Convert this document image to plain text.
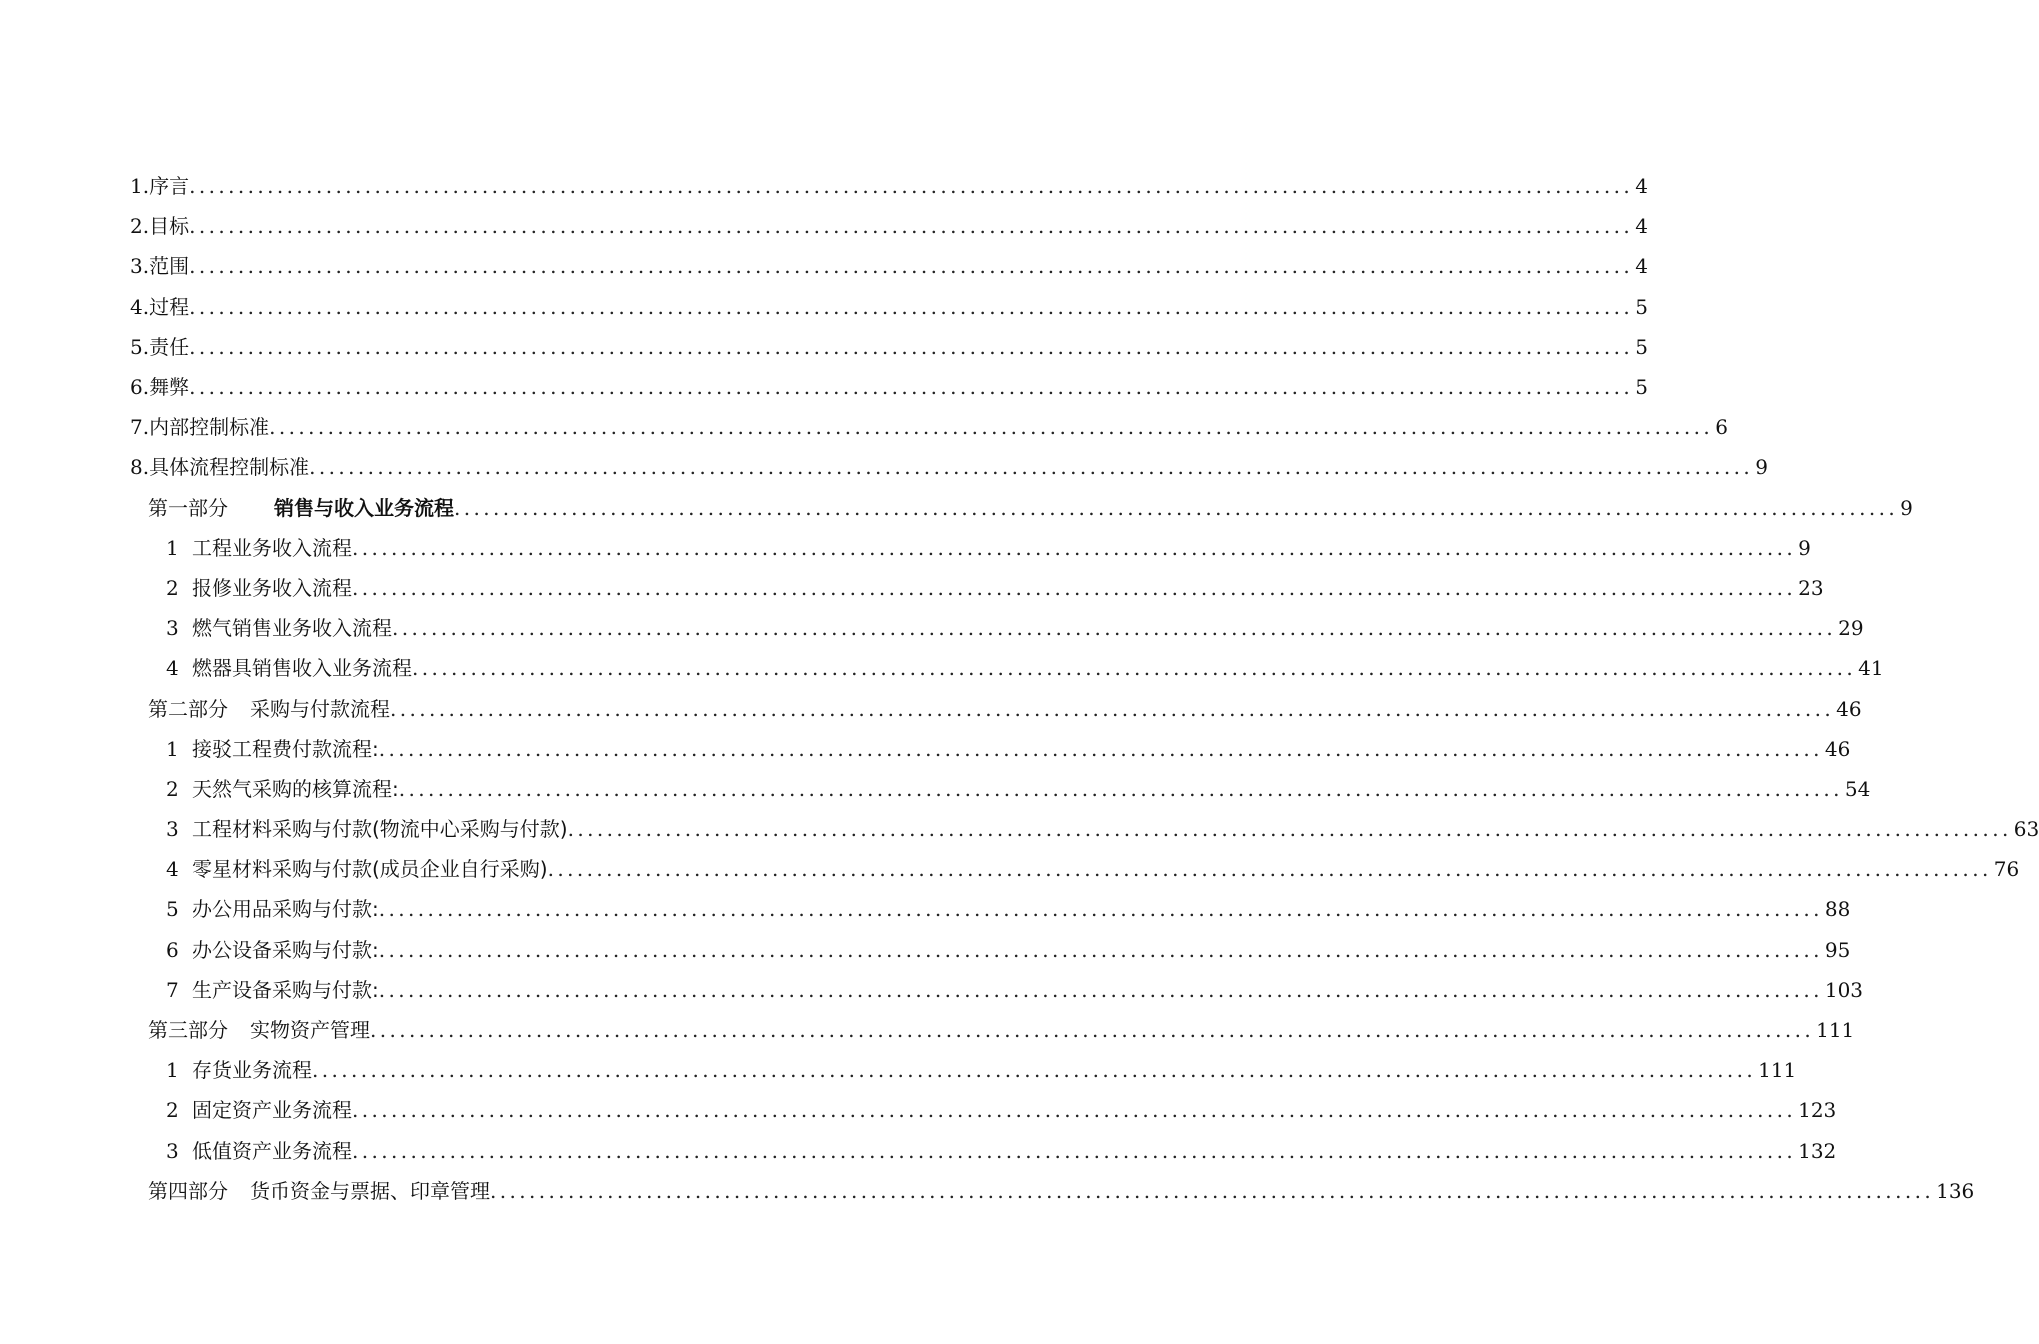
1. 序言 .................................................................................................................................................... 4
2. 目标 .................................................................................................................................................... 4
3. 范围 .................................................................................................................................................... 4
4. 过程 .................................................................................................................................................... 5
5. 责任 .................................................................................................................................................... 5
6. 舞弊 .................................................................................................................................................... 5
7. 内部控制标准 .................................................................................................................................................... 6
8. 具体流程控制标准 .................................................................................................................................................... 9
第一部分 销售与收入业务流程 .................................................................................................................................................... 9
1 工程业务收入流程 .................................................................................................................................................... 9
2 报修业务收入流程 .................................................................................................................................................... 23
3 燃气销售业务收入流程 .................................................................................................................................................... 29
4 燃器具销售收入业务流程 .................................................................................................................................................... 41
第二部分 采购与付款流程 .................................................................................................................................................... 46
1 接驳工程费付款流程: .................................................................................................................................................... 46
2 天然气采购的核算流程: .................................................................................................................................................... 54
3 工程材料采购与付款(物流中心采购与付款) .................................................................................................................................................... 63
4 零星材料采购与付款(成员企业自行采购) .................................................................................................................................................... 76
5 办公用品采购与付款: .................................................................................................................................................... 88
6 办公设备采购与付款: .................................................................................................................................................... 95
7 生产设备采购与付款: .................................................................................................................................................... 103
第三部分 实物资产管理 .................................................................................................................................................... 111
1 存货业务流程 .................................................................................................................................................... 111
2 固定资产业务流程 .................................................................................................................................................... 123
3 低值资产业务流程 .................................................................................................................................................... 132
第四部分 货币资金与票据、印章管理 .................................................................................................................................................... 136
